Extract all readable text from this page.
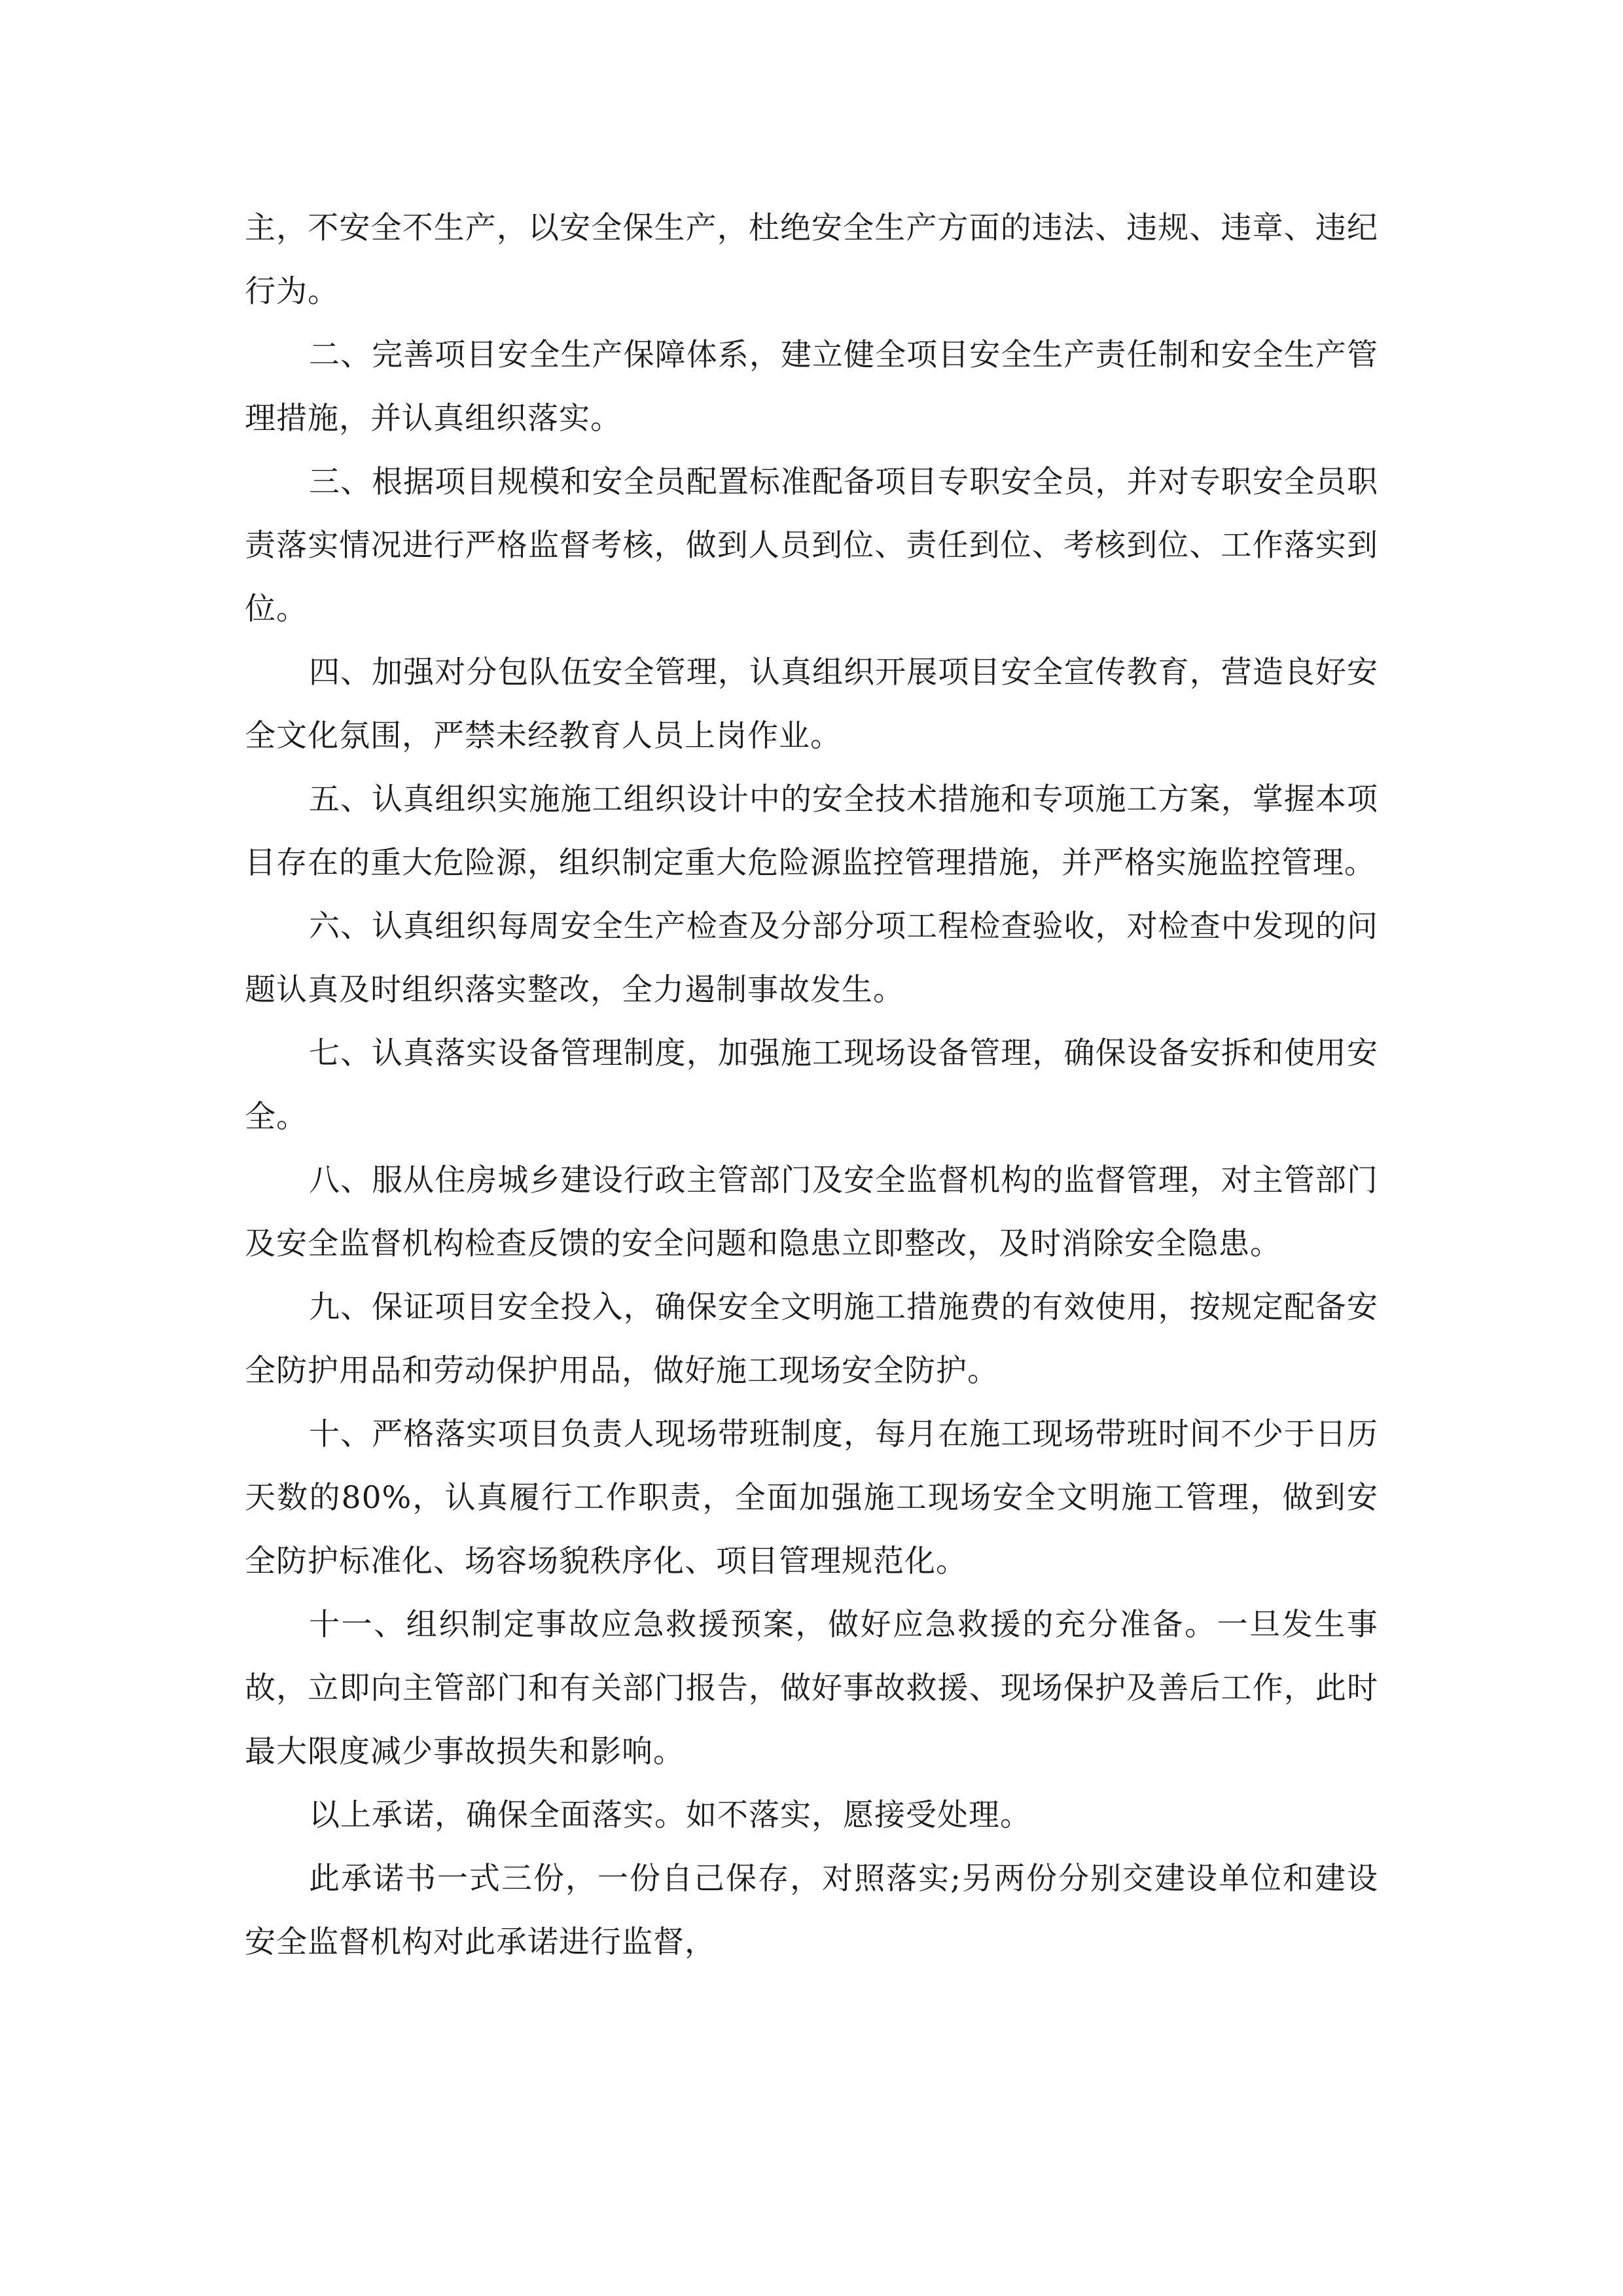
主，不安全不生产，以安全保生产，杜绝安全生产方面的违法、违规、违章、违纪行为。

二、完善项目安全生产保障体系，建立健全项目安全生产责任制和安全生产管理措施，并认真组织落实。

三、根据项目规模和安全员配置标准配备项目专职安全员，并对专职安全员职责落实情况进行严格监督考核，做到人员到位、责任到位、考核到位、工作落实到位。

四、加强对分包队伍安全管理，认真组织开展项目安全宣传教育，营造良好安全文化氛围，严禁未经教育人员上岗作业。

五、认真组织实施施工组织设计中的安全技术措施和专项施工方案，掌握本项目存在的重大危险源，组织制定重大危险源监控管理措施，并严格实施监控管理。

六、认真组织每周安全生产检查及分部分项工程检查验收，对检查中发现的问题认真及时组织落实整改，全力遏制事故发生。

七、认真落实设备管理制度，加强施工现场设备管理，确保设备安拆和使用安全。

八、服从住房城乡建设行政主管部门及安全监督机构的监督管理，对主管部门及安全监督机构检查反馈的安全问题和隐患立即整改，及时消除安全隐患。

九、保证项目安全投入，确保安全文明施工措施费的有效使用，按规定配备安全防护用品和劳动保护用品，做好施工现场安全防护。

十、严格落实项目负责人现场带班制度，每月在施工现场带班时间不少于日历天数的80%，认真履行工作职责，全面加强施工现场安全文明施工管理，做到安全防护标准化、场容场貌秩序化、项目管理规范化。

十一、组织制定事故应急救援预案，做好应急救援的充分准备。一旦发生事故，立即向主管部门和有关部门报告，做好事故救援、现场保护及善后工作，此时最大限度减少事故损失和影响。

以上承诺，确保全面落实。如不落实，愿接受处理。

此承诺书一式三份，一份自己保存，对照落实;另两份分别交建设单位和建设安全监督机构对此承诺进行监督，
